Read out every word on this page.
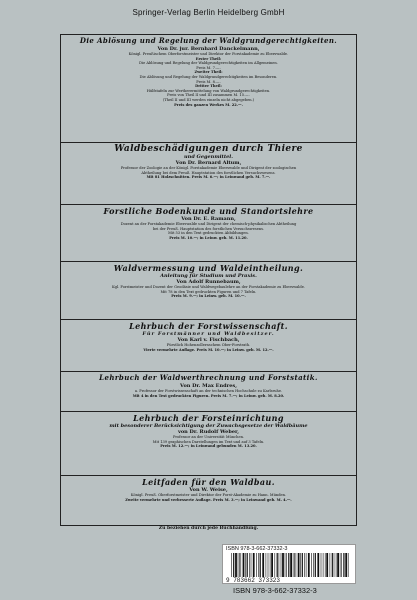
Springer-Verlag Berlin Heidelberg GmbH
Die Ablösung und Regelung der Waldgrundgerechtigkeiten.
Von Dr. jur. Bernhard Danckelmann,
Königl. Preußischem Oberforstmeister und Direktor der Forstakademie zu Eberswalde.
Erster Theil:
Die Ablösung und Regelung der Waldgrundgerechtigkeiten im Allgemeinen.
Preis M. 7.—.
Zweiter Theil:
Die Ablösung und Regelung der Waldgrundgerechtigkeiten im Besonderen.
Preis M. 8.—.
Dritter Theil:
Hülfstafeln zur Wertherermittelung von Waldgrundgerechtigkeiten.
Preis von Theil II und III zusammen M. 15.—.
(Theil II und III werden einzeln nicht abgegeben.)
Preis des ganzen Werkes M. 22.—.
Waldbeschädigungen durch Thiere
und Gegenmittel.
Von Dr. Bernard Altum,
Professor der Zoologie an der Königl. Forstakademie Eberswalde und Dirigent der zoologischen
Abtheilung bei dem Preuß. Hauptstation des forstlichen Versuchswesens.
Mit 81 Holzschnitten. Preis M. 6.—; in Leinwand geb. M. 7.—.
Forstliche Bodenkunde und Standortslehre
Von Dr. E. Ramann,
Dozent an der Forstakademie Eberswalde und Dirigent der chemisch-physikalischen Abtheilung
bei der Preuß. Hauptstation des forstlichen Versuchswesens.
Mit 53 in den Text gedruckten Abbildungen.
Preis M. 10.—; in Leinw. geb. M. 11.20.
Waldvermessung und Waldeintheilung.
Anleitung für Studium und Praxis.
Von Adolf Runnebaum,
Kgl. Forstmeister und Dozent der Geodäsie und Waldwegebaulehre an der Forstakademie zu Eberswalde.
Mit 78 in den Text gedruckten Figuren und 7 Tafeln.
Preis M. 9.—; in Leinw. geb. M. 10.—.
Lehrbuch der Forstwissenschaft.
Für Forstmänner und Waldbesitzer.
Von Karl v. Fischbach,
Fürstlich Hohenzollernschem Ober-Forstrath.
Vierte vermehrte Auflage. Preis M. 10.—; in Leinw. geb. M. 12.—.
Lehrbuch der Waldwerthrechnung und Forststatik.
Von Dr. Max Endres,
a. Professor der Forstwissenschaft an der technischen Hochschule zu Karlsruhe.
Mit 4 in den Text gedruckten Figuren. Preis M. 7.—; in Leinw. geb. M. 8.20.
Lehrbuch der Forsteinrichtung
mit besonderer Berücksichtigung der Zuwachsgesetze der Waldbäume
von Dr. Rudolf Weber,
Professor an der Universität München.
Mit 139 graphischen Darstellungen im Text und auf 3 Tafeln.
Preis M. 12.—; in Leinwand gebunden M. 13.20.
Leitfaden für den Waldbau.
Von W. Weise,
Königl. Preuß. Oberforstmeister und Direktor der Forst-Akademie zu Hann. Münden.
Zweite vermehrte und verbesserte Auflage. Preis M. 3.—; in Leinwand geb. M. 4.—.
Zu beziehen durch jede Buchhandlung.
ISBN 978-3-662-37332-3
9 783662 373323
ISBN 978-3-662-37332-3
